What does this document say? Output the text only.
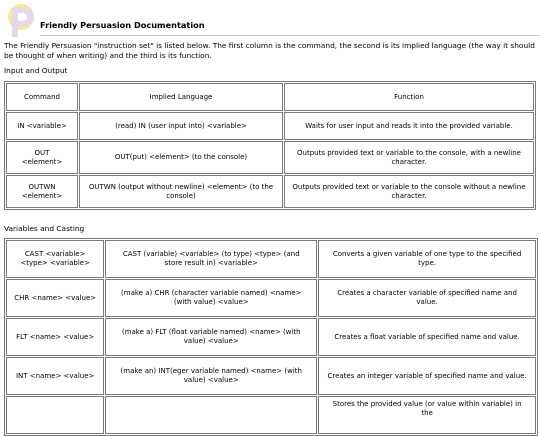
Friendly Persuasion Documentation
The Friendly Persuasion "instruction set" is listed below. The first column is the command, the second is its implied language (the way it should be thought of when writing) and the third is its function.
Input and Output
Command	Implied Language	Function
IN <variable>	(read) IN (user input into) <variable>	Waits for user input and reads it into the provided variable.
OUT <element>	OUT(put) <element> (to the console)	Outputs provided text or variable to the console, with a newline character.
OUTWN <element>	OUTWN (output without newline) <element> (to the console)	Outputs provided text or variable to the console without a newline character.
Variables and Casting
CAST <variable> <type> <variable>	CAST (variable) <variable> (to type) <type> (and store result in) <variable>	Converts a given variable of one type to the specified type.
CHR <name> <value>	(make a) CHR (character variable named) <name> (with value) <value>	Creates a character variable of specified name and value.
FLT <name> <value>	(make a) FLT (float variable named) <name> (with value) <value>	Creates a float variable of specified name and value.
INT <name> <value>	(make an) INT(eger variable named) <name> (with value) <value>	Creates an integer variable of specified name and value.
		Stores the provided value (or value within variable) in the
